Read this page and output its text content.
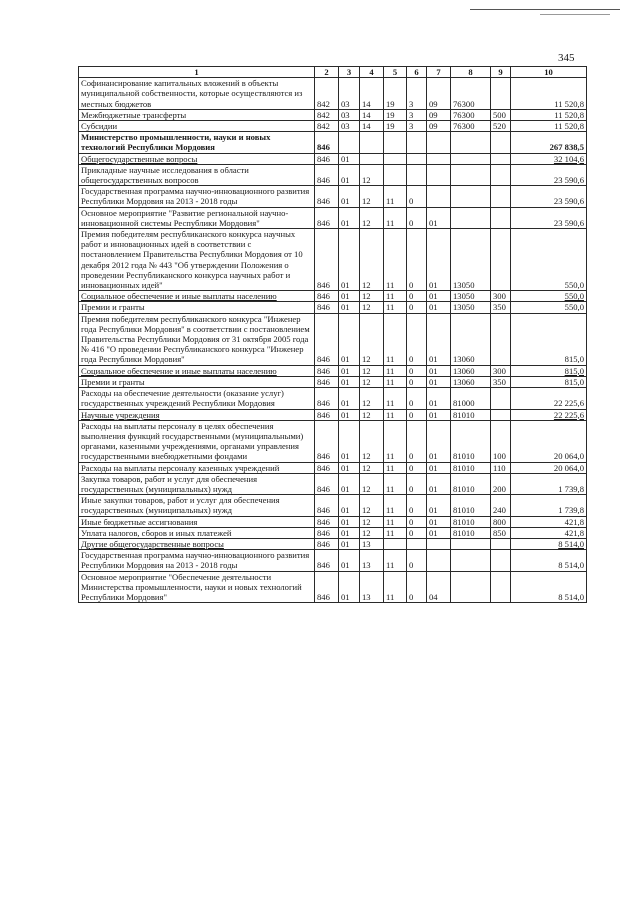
345
1	2	3	4	5	6	7	8	9	10
Софинансирование капитальных вложений в объекты муниципальной собственности, которые осуществляются из местных бюджетов	842	03	14	19	3	09	76300		11 520,8
Межбюджетные трансферты	842	03	14	19	3	09	76300	500	11 520,8
Субсидии	842	03	14	19	3	09	76300	520	11 520,8
Министерство промышленности, науки и новых технологий Республики Мордовия	846								267 838,5
Общегосударственные вопросы	846	01							32 104,6
Прикладные научные исследования в области общегосударственных вопросов	846	01	12						23 590,6
Государственная программа научно-инновационного развития Республики Мордовия на 2013 - 2018 годы	846	01	12	11	0				23 590,6
Основное мероприятие "Развитие региональной научно-инновационной системы Республики Мордовия"	846	01	12	11	0	01			23 590,6
Премия победителям республиканского конкурса научных работ и инновационных идей в соответствии с постановлением Правительства Республики Мордовия от 10 декабря 2012 года № 443 "Об утверждении Положения о проведении Республиканского конкурса научных работ и инновационных идей"	846	01	12	11	0	01	13050		550,0
Социальное обеспечение и иные выплаты населению	846	01	12	11	0	01	13050	300	550,0
Премии и гранты	846	01	12	11	0	01	13050	350	550,0
Премия победителям республиканского конкурса "Инженер года Республики Мордовия" в соответствии с постановлением Правительства Республики Мордовия от 31 октября 2005 года № 416 "О проведении Республиканского конкурса "Инженер года Республики Мордовия"	846	01	12	11	0	01	13060		815,0
Социальное обеспечение и иные выплаты населению	846	01	12	11	0	01	13060	300	815,0
Премии и гранты	846	01	12	11	0	01	13060	350	815,0
Расходы на обеспечение деятельности (оказание услуг) государственных учреждений Республики Мордовия	846	01	12	11	0	01	81000		22 225,6
Научные учреждения	846	01	12	11	0	01	81010		22 225,6
Расходы на выплаты персоналу в целях обеспечения выполнения функций государственными (муниципальными) органами, казенными учреждениями, органами управления государственными внебюджетными фондами	846	01	12	11	0	01	81010	100	20 064,0
Расходы на выплаты персоналу казенных учреждений	846	01	12	11	0	01	81010	110	20 064,0
Закупка товаров, работ и услуг для обеспечения государственных (муниципальных) нужд	846	01	12	11	0	01	81010	200	1 739,8
Иные закупки товаров, работ и услуг для обеспечения государственных (муниципальных) нужд	846	01	12	11	0	01	81010	240	1 739,8
Иные бюджетные ассигнования	846	01	12	11	0	01	81010	800	421,8
Уплата налогов, сборов и иных платежей	846	01	12	11	0	01	81010	850	421,8
Другие общегосударственные вопросы	846	01	13						8 514,0
Государственная программа научно-инновационного развития Республики Мордовия на 2013 - 2018 годы	846	01	13	11	0				8 514,0
Основное мероприятие "Обеспечение деятельности Министерства промышленности, науки и новых технологий Республики Мордовия"	846	01	13	11	0	04			8 514,0
